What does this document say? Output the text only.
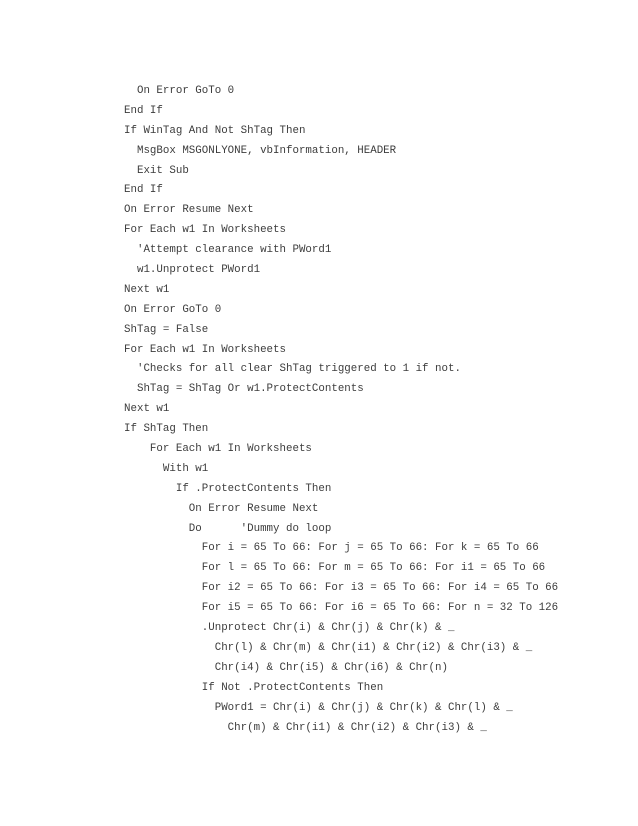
On Error GoTo 0
End If
If WinTag And Not ShTag Then
MsgBox MSGONLYONE, vbInformation, HEADER
Exit Sub
End If
On Error Resume Next
For Each w1 In Worksheets
'Attempt clearance with PWord1
w1.Unprotect PWord1
Next w1
On Error GoTo 0
ShTag = False
For Each w1 In Worksheets
'Checks for all clear ShTag triggered to 1 if not.
ShTag = ShTag Or w1.ProtectContents
Next w1
If ShTag Then
For Each w1 In Worksheets
With w1
If .ProtectContents Then
On Error Resume Next
Do      'Dummy do loop
For i = 65 To 66: For j = 65 To 66: For k = 65 To 66
For l = 65 To 66: For m = 65 To 66: For i1 = 65 To 66
For i2 = 65 To 66: For i3 = 65 To 66: For i4 = 65 To 66
For i5 = 65 To 66: For i6 = 65 To 66: For n = 32 To 126
.Unprotect Chr(i) & Chr(j) & Chr(k) & _
Chr(l) & Chr(m) & Chr(i1) & Chr(i2) & Chr(i3) & _
Chr(i4) & Chr(i5) & Chr(i6) & Chr(n)
If Not .ProtectContents Then
PWord1 = Chr(i) & Chr(j) & Chr(k) & Chr(l) & _
Chr(m) & Chr(i1) & Chr(i2) & Chr(i3) & _
